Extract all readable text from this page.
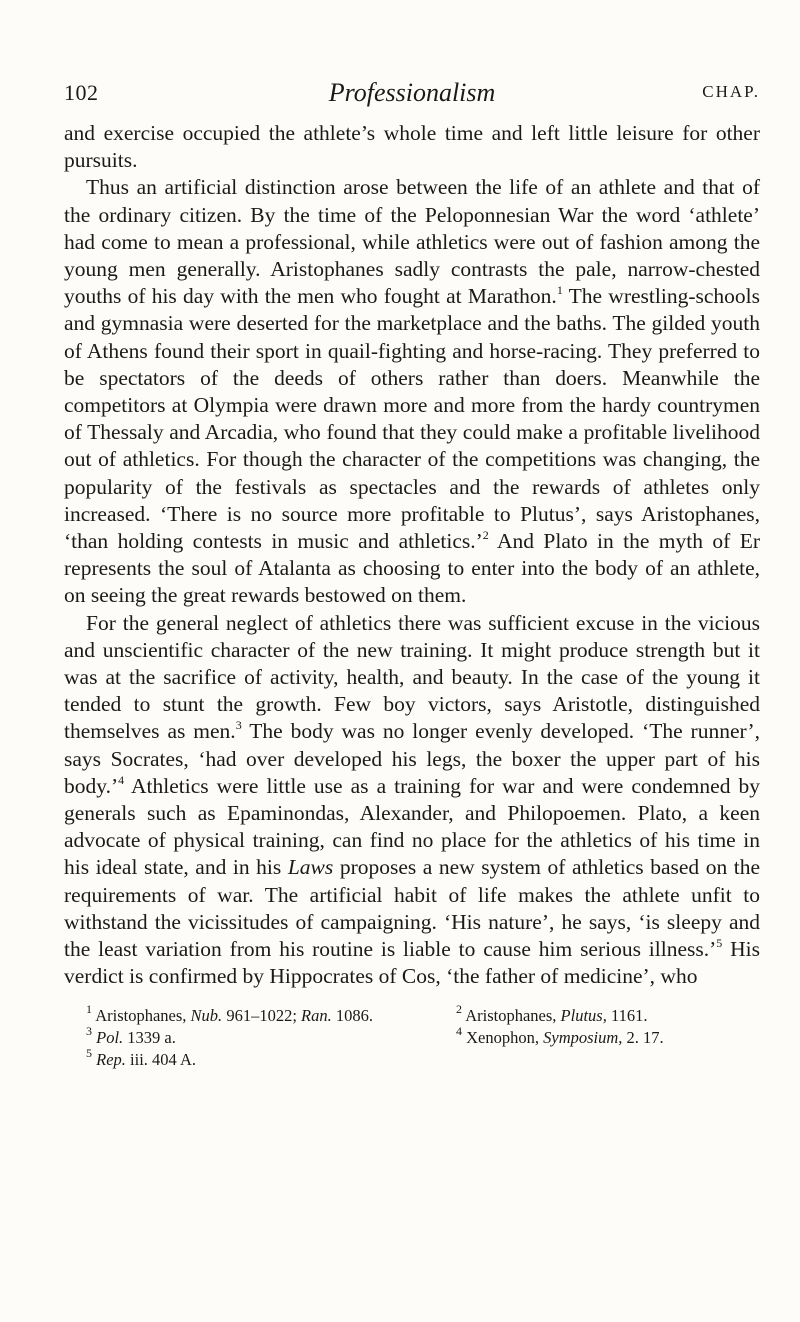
102	Professionalism	CHAP.

and exercise occupied the athlete’s whole time and left little leisure for other pursuits.

Thus an artificial distinction arose between the life of an athlete and that of the ordinary citizen. By the time of the Peloponnesian War the word ‘athlete’ had come to mean a professional, while athletics were out of fashion among the young men generally. Aristophanes sadly contrasts the pale, narrow-chested youths of his day with the men who fought at Marathon.$^1$ The wrestling-schools and gymnasia were deserted for the marketplace and the baths. The gilded youth of Athens found their sport in quail-fighting and horse-racing. They preferred to be spectators of the deeds of others rather than doers. Meanwhile the competitors at Olympia were drawn more and more from the hardy countrymen of Thessaly and Arcadia, who found that they could make a profitable livelihood out of athletics. For though the character of the competitions was changing, the popularity of the festivals as spectacles and the rewards of athletes only increased. ‘There is no source more profitable to Plutus’, says Aristophanes, ‘than holding contests in music and athletics.’$^2$ And Plato in the myth of Er represents the soul of Atalanta as choosing to enter into the body of an athlete, on seeing the great rewards bestowed on them.

For the general neglect of athletics there was sufficient excuse in the vicious and unscientific character of the new training. It might produce strength but it was at the sacrifice of activity, health, and beauty. In the case of the young it tended to stunt the growth. Few boy victors, says Aristotle, distinguished themselves as men.$^3$ The body was no longer evenly developed. ‘The runner’, says Socrates, ‘had over developed his legs, the boxer the upper part of his body.’$^4$ Athletics were little use as a training for war and were condemned by generals such as Epaminondas, Alexander, and Philopoemen. Plato, a keen advocate of physical training, can find no place for the athletics of his time in his ideal state, and in his Laws proposes a new system of athletics based on the requirements of war. The artificial habit of life makes the athlete unfit to withstand the vicissitudes of campaigning. ‘His nature’, he says, ‘is sleepy and the least variation from his routine is liable to cause him serious illness.’$^5$ His verdict is confirmed by Hippocrates of Cos, ‘the father of medicine’, who

$^1$ Aristophanes, Nub. 961–1022; Ran. 1086.	$^2$ Aristophanes, Plutus, 1161.
$^3$ Pol. 1339 a.	$^4$ Xenophon, Symposium, 2. 17.
$^5$ Rep. iii. 404 A.
